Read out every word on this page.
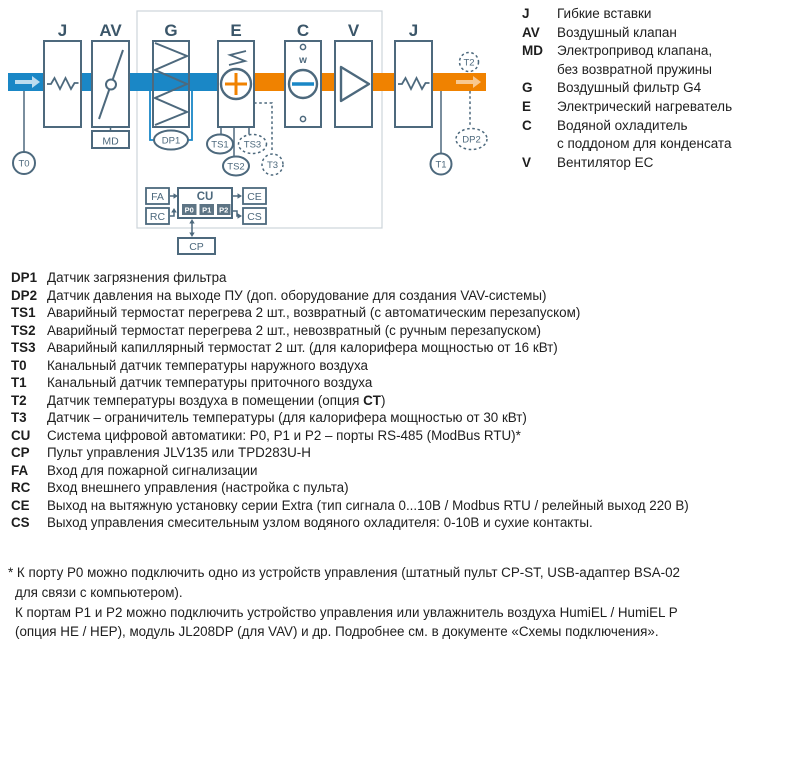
MD
w
J AV	G	E	C V	J
DP1	TS1 TS3
TS2 T3
T0	T1
T2
DP2
FA
RC
CU
P0 P1 P2
CE
CS
CP
J	Гибкие вставки
AV	Воздушный клапан
MD	Электропривод клапана,
без возвратной пружины
G	Воздушный фильтр G4
E	Электрический нагреватель
C	Водяной охладитель
с поддоном для конденсата
V	Вентилятор ЕС
DP1 Датчик загрязнения фильтра
DP2 Датчик давления на выходе ПУ (доп. оборудование для создания VAV-системы)
TS1 Аварийный термостат перегрева 2 шт., возвратный (с автоматическим перезапуском)
TS2 Аварийный термостат перегрева 2 шт., невозвратный (с ручным перезапуском)
TS3 Аварийный капиллярный термостат 2 шт. (для калорифера мощностью от 16 кВт)
T0	Канальный датчик температуры наружного воздуха
T1	Канальный датчик температуры приточного воздуха
T2	Датчик температуры воздуха в помещении (опция CT)
T3	Датчик – ограничитель температуры (для калорифера мощностью от 30 кВт)
CU	Система цифровой автоматики: P0, P1 и P2 – порты RS-485 (ModBus RTU)*
CP	Пульт управления JLV135 или TPD283U-H
FA	Вход для пожарной сигнализации
RC	Вход внешнего управления (настройка с пульта)
CE	Выход на вытяжную установку серии Extra (тип сигнала 0...10В / Modbus RTU / релейный выход 220 В)
CS	Выход управления смесительным узлом водяного охладителя: 0-10В и сухие контакты.
* К порту P0 можно подключить одно из устройств управления (штатный пульт CP-ST, USB-адаптер BSA-02
для связи с компьютером).
К портам P1 и P2 можно подключить устройство управления или увлажнитель воздуха HumiEL / HumiEL P
(опция HE / HEP), модуль JL208DP (для VAV) и др. Подробнее см. в документе «Схемы подключения».
